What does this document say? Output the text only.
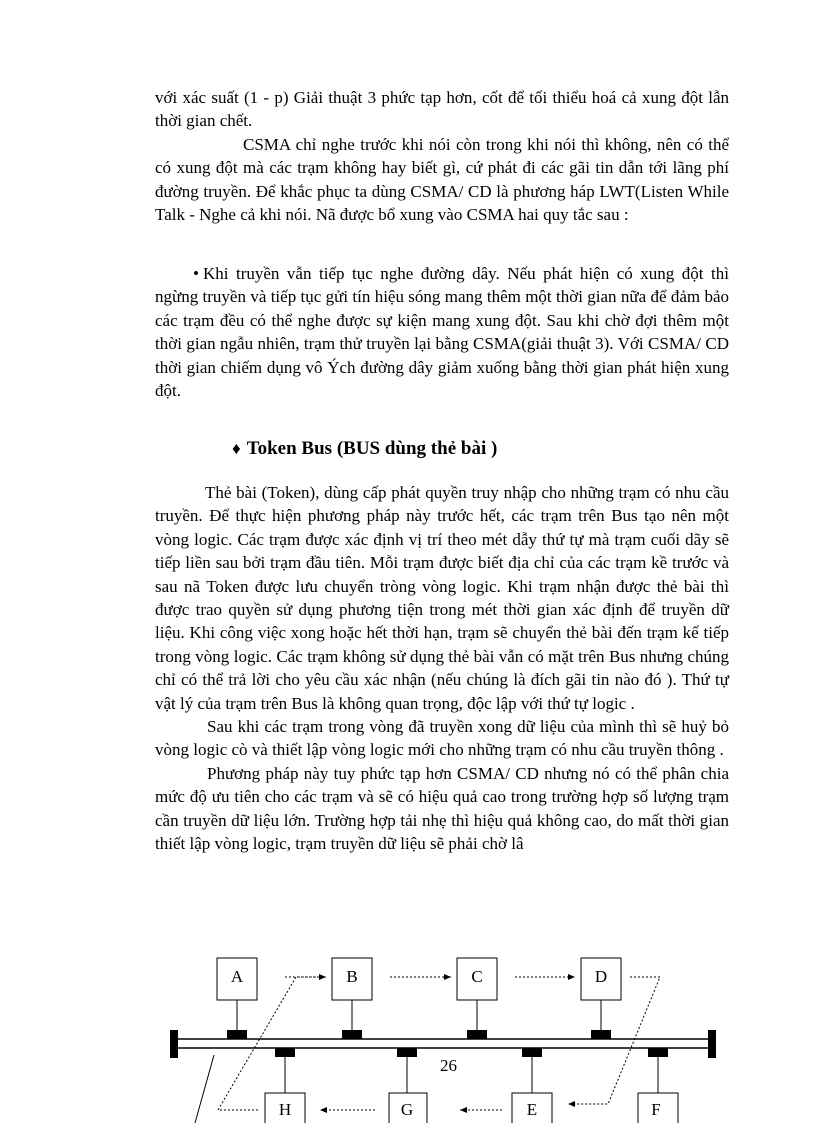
với xác suất (1 - p) Giải thuật 3 phức tạp hơn, cốt để tối thiểu hoá cả xung đột lẫn thời gian chết.

CSMA chỉ nghe trước khi nói còn trong khi nói thì không, nên có thể có xung đột mà các trạm không hay biết gì, cứ phát đi các gãi tin dẫn tới lãng phí đường truyền. Để khắc phục ta dùng CSMA/ CD là phương háp LWT(Listen While Talk - Nghe cả khi nói. Nã được bổ xung vào CSMA hai quy tắc sau :

• Khi truyền vẫn tiếp tục nghe đường dây. Nếu phát hiện có xung đột thì ngừng truyền và tiếp tục gửi tín hiệu sóng mang thêm một thời gian nữa để đảm bảo các trạm đều có thể nghe được sự kiện mang xung đột. Sau khi chờ đợi thêm một thời gian ngẫu nhiên, trạm thử truyền lại bằng CSMA(giải thuật 3). Với CSMA/ CD thời gian chiếm dụng vô Ých đường dây giảm xuống bằng thời gian phát hiện xung đột.

♦ Token Bus (BUS dùng thẻ bài )

Thẻ bài (Token), dùng cấp phát quyền truy nhập cho những trạm có nhu cầu truyền. Để thực hiện phương pháp này trước hết, các trạm trên Bus tạo nên một vòng logic. Các trạm được xác định vị trí theo mét dẫy thứ tự mà trạm cuối dãy sẽ tiếp liền sau bởi trạm đầu tiên. Mỗi trạm được biết địa chỉ của các trạm kề trước và sau nã Token được lưu chuyển tròng vòng logic. Khi trạm nhận được thẻ bài thì được trao quyền sử dụng phương tiện trong mét thời gian xác định để truyền dữ liệu. Khi công việc xong hoặc hết thời hạn, trạm sẽ chuyển thẻ bài đến trạm kế tiếp trong vòng logic. Các trạm không sử dụng thẻ bài vẫn có mặt trên Bus nhưng chúng chỉ có thể trả lời cho yêu cầu xác nhận (nếu chúng là đích gãi tin nào đó ). Thứ tự vật lý của trạm trên Bus là không quan trọng, độc lập với thứ tự logic .

Sau khi các trạm trong vòng đã truyền xong dữ liệu của mình thì sẽ huỷ bỏ vòng logic cò và thiết lập vòng logic mới cho những trạm có nhu cầu truyền thông .

Phương pháp này tuy phức tạp hơn CSMA/ CD nhưng nó có thể phân chia mức độ ưu tiên cho các trạm và sẽ có hiệu quả cao trong trường hợp số lượng trạm cần truyền dữ liệu lớn. Trường hợp tải nhẹ thì hiệu quả không cao, do mất thời gian thiết lập vòng logic, trạm truyền dữ liệu sẽ phải chờ lâ

A	B	C	D
H	G	E	F
26
